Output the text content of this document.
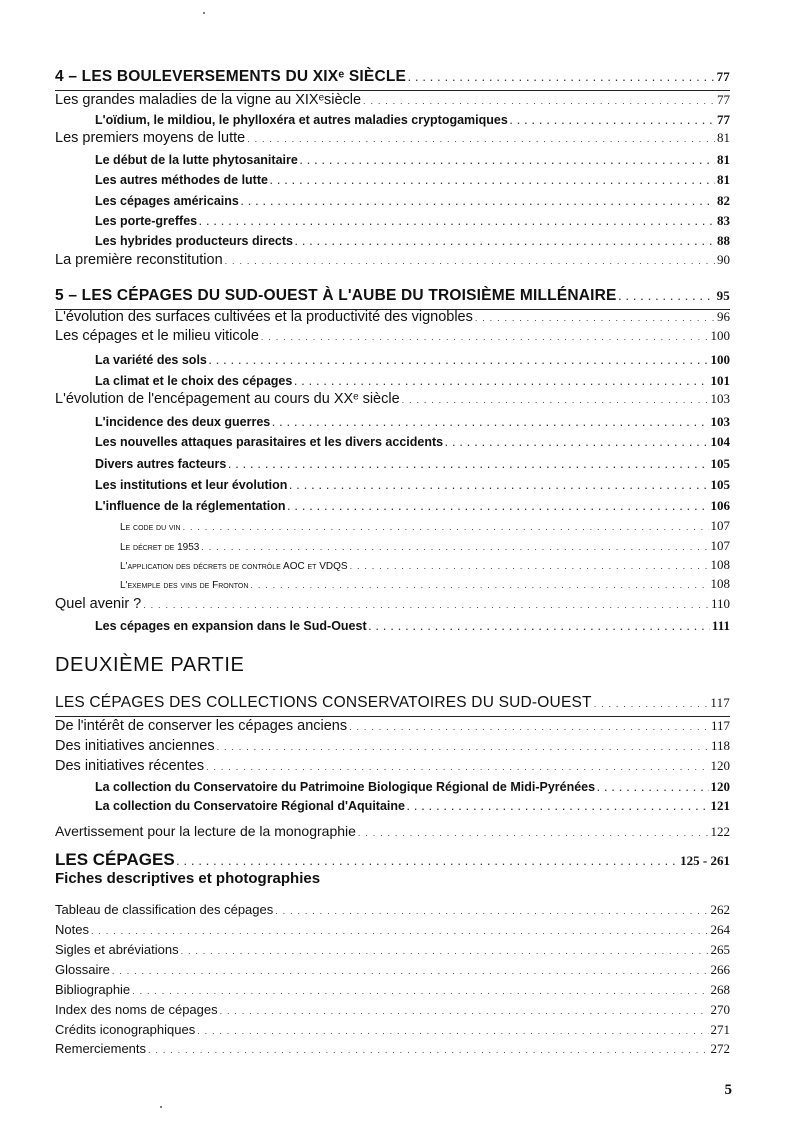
4 – LES BOULEVERSEMENTS DU XIXᵉ SIÈCLE . . .	77
Les grandes maladies de la vigne au XIXᵉsiècle . . .	77
L'oïdium, le mildiou, le phylloxéra et autres maladies cryptogamiques . . .	77
Les premiers moyens de lutte . . .	81
Le début de la lutte phytosanitaire . . .	81
Les autres méthodes de lutte . . .	81
Les cépages américains . . .	82
Les porte-greffes . . .	83
Les hybrides producteurs directs . . .	88
La première reconstitution . . .	90
5 – LES CÉPAGES DU SUD-OUEST À L'AUBE DU TROISIÈME MILLÉNAIRE . . .	95
L'évolution des surfaces cultivées et la productivité des vignobles . . .	96
Les cépages et le milieu viticole . . .	100
La variété des sols . . .	100
La climat et le choix des cépages . . .	101
L'évolution de l'encépagement au cours du XXᵉ siècle . . .	103
L'incidence des deux guerres . . .	103
Les nouvelles attaques parasitaires et les divers accidents . . .	104
Divers autres facteurs . . .	105
Les institutions et leur évolution . . .	105
L'influence de la réglementation . . .	106
Le code du vin . . .	107
Le décret de 1953 . . .	107
L'application des décrets de contrôle AOC et VDQS . . .	108
L'exemple des vins de Fronton . . .	108
Quel avenir ? . . .	110
Les cépages en expansion dans le Sud-Ouest . . .	111
DEUXIÈME PARTIE
LES CÉPAGES DES COLLECTIONS CONSERVATOIRES DU SUD-OUEST . . .	117
De l'intérêt de conserver les cépages anciens . . .	117
Des initiatives anciennes . . .	118
Des initiatives récentes . . .	120
La collection du Conservatoire du Patrimoine Biologique Régional de Midi-Pyrénées . . .	120
La collection du Conservatoire Régional d'Aquitaine . . .	121
Avertissement pour la lecture de la monographie . . .	122
LES CÉPAGES . . .	125 - 261
Fiches descriptives et photographies
Tableau de classification des cépages . . .	262
Notes . . .	264
Sigles et abréviations . . .	265
Glossaire . . .	266
Bibliographie . . .	268
Index des noms de cépages . . .	270
Crédits iconographiques . . .	271
Remerciements . . .	272
5
